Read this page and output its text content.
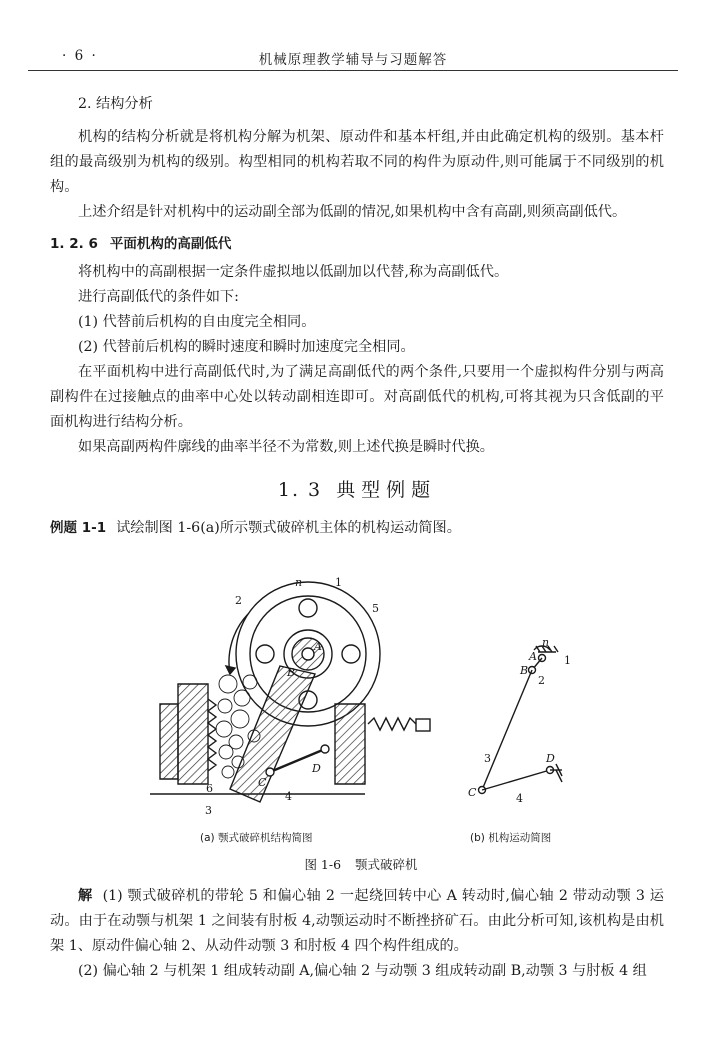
· 6 ·	机械原理教学辅导与习题解答

2. 结构分析

机构的结构分析就是将机构分解为机架、原动件和基本杆组,并由此确定机构的级别。基本杆组的最高级别为机构的级别。构型相同的机构若取不同的构件为原动件,则可能属于不同级别的机构。

上述介绍是针对机构中的运动副全部为低副的情况,如果机构中含有高副,则须高副低代。

1. 2. 6 平面机构的高副低代

将机构中的高副根据一定条件虚拟地以低副加以代替,称为高副低代。

进行高副低代的条件如下:

(1) 代替前后机构的自由度完全相同。

(2) 代替前后机构的瞬时速度和瞬时加速度完全相同。

在平面机构中进行高副低代时,为了满足高副低代的两个条件,只要用一个虚拟构件分别与两高副构件在过接触点的曲率中心处以转动副相连即可。对高副低代的机构,可将其视为只含低副的平面机构进行结构分析。

如果高副两构件廓线的曲率半径不为常数,则上述代换是瞬时代换。

1. 3 典型例题

例题 1-1 试绘制图 1-6(a)所示颚式破碎机主体的机构运动简图。

n	1
2
3
4
5
6
A
B
C
D
n
A
B
C
D
1
2
3
4
(a) 颚式破碎机结构简图	(b) 机构运动简图
图 1-6 颚式破碎机

解 (1) 颚式破碎机的带轮 5 和偏心轴 2 一起绕回转中心 A 转动时,偏心轴 2 带动动颚 3 运动。由于在动颚与机架 1 之间装有肘板 4,动颚运动时不断挫挤矿石。由此分析可知,该机构是由机架 1、原动件偏心轴 2、从动件动颚 3 和肘板 4 四个构件组成的。

(2) 偏心轴 2 与机架 1 组成转动副 A,偏心轴 2 与动颚 3 组成转动副 B,动颚 3 与肘板 4 组
